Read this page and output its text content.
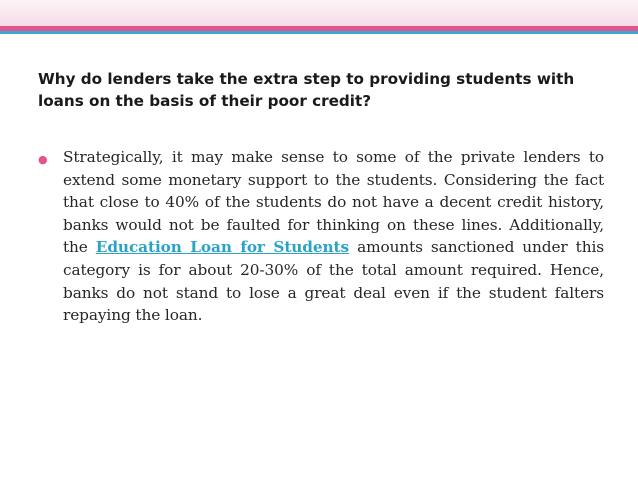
Why do lenders take the extra step to providing students with loans on the basis of their poor credit?
● Strategically, it may make sense to some of the private lenders to extend some monetary support to the students. Considering the fact that close to 40% of the students do not have a decent credit history, banks would not be faulted for thinking on these lines. Additionally, the Education Loan for Students amounts sanctioned under this category is for about 20-30% of the total amount required. Hence, banks do not stand to lose a great deal even if the student falters repaying the loan.
